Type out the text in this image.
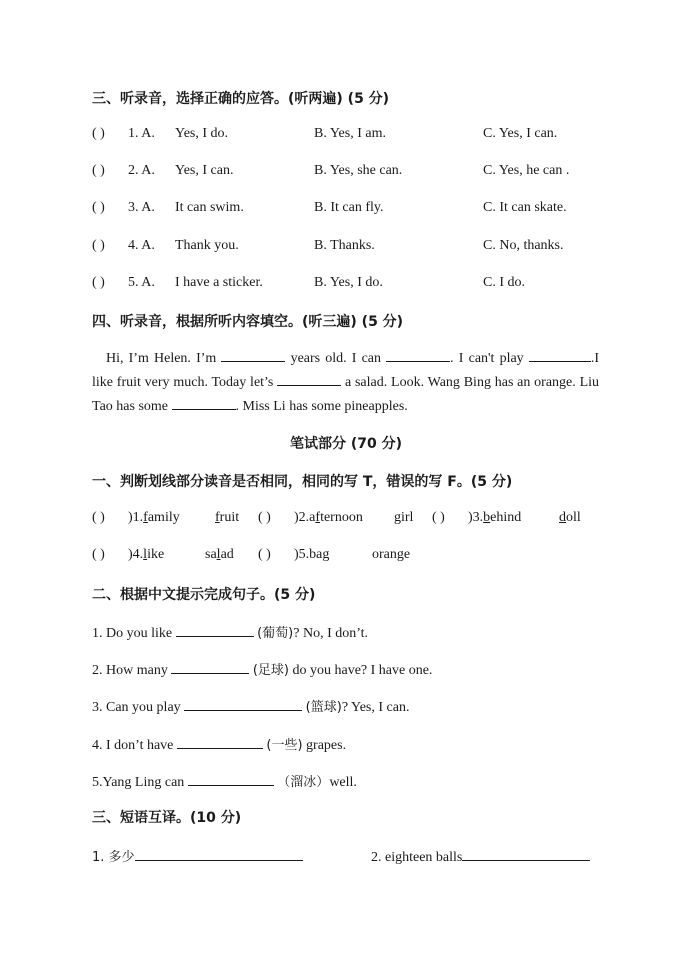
三、听录音，选择正确的应答。(听两遍) (5 分)
( ) 1. A. Yes, I do.	B. Yes, I am.	C. Yes, I can.
( ) 2. A. Yes, I can.	B. Yes, she can.	C. Yes, he can .
( ) 3. A. It can swim.	B. It can fly.	C. It can skate.
( ) 4. A. Thank you.	B. Thanks.	C. No, thanks.
( ) 5. A. I have a sticker.	B. Yes, I do.	C. I do.
四、听录音，根据所听内容填空。(听三遍) (5 分)
Hi, I’m Helen. I’m	years old. I can	. I can't play	.I like fruit very much. Today let’s	a salad. Look. Wang Bing has an orange. Liu Tao has some	. Miss Li has some pineapples.
笔试部分 (70 分)
一、判断划线部分读音是否相同，相同的写 T，错误的写 F。(5 分)
( ) )1.family	fruit ( ) )2.afternoon girl ( ) )3.behind	doll
( ) )4.like	salad ( ) )5.bag	orange
二、根据中文提示完成句子。(5 分)
1. Do you like	(葡萄)? No, I don’t.
2. How many	(足球) do you have? I have one.
3. Can you play	(篮球)? Yes, I can.
4. I don’t have	(一些) grapes.
5.Yang Ling can	（溜冰）well.
三、短语互译。(10 分)
1. 多少	2. eighteen balls
